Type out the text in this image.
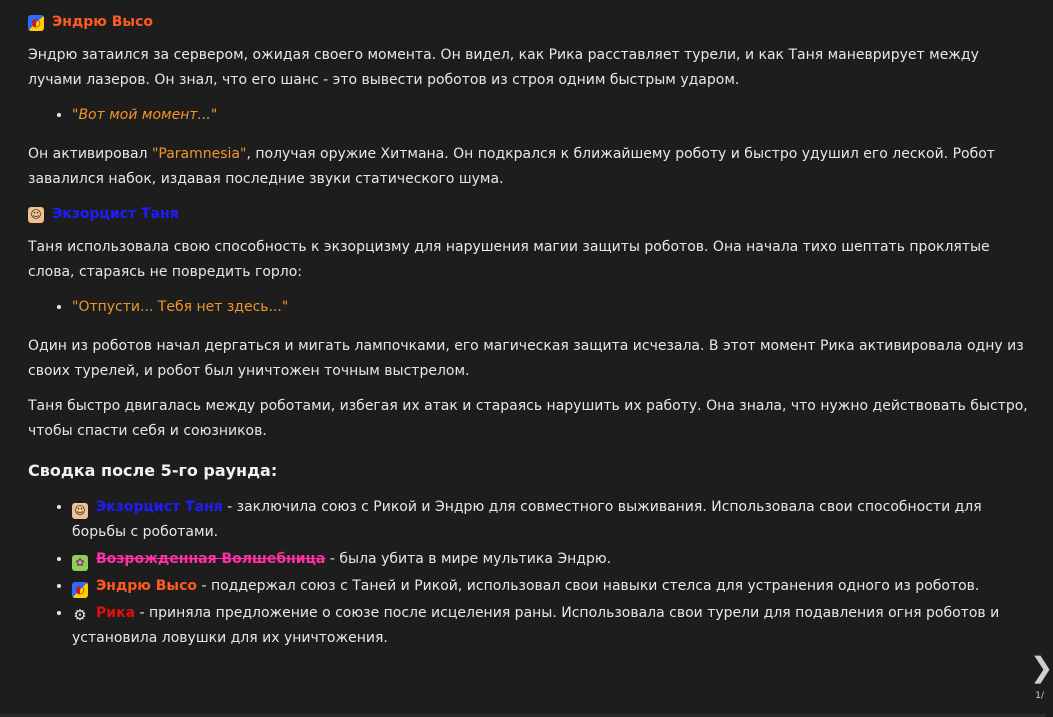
◐ Эндрю Высо

Эндрю затаился за сервером, ожидая своего момента. Он видел, как Рика расставляет турели, и как Таня маневрирует между лучами лазеров. Он знал, что его шанс - это вывести роботов из строя одним быстрым ударом.

• "Вот мой момент..."

Он активировал "Paramnesia", получая оружие Хитмана. Он подкрался к ближайшему роботу и быстро удушил его леской. Робот завалился набок, издавая последние звуки статического шума.

☺ Экзорцист Таня

Таня использовала свою способность к экзорцизму для нарушения магии защиты роботов. Она начала тихо шептать проклятые слова, стараясь не повредить горло:

• "Отпусти... Тебя нет здесь..."

Один из роботов начал дергаться и мигать лампочками, его магическая защита исчезала. В этот момент Рика активировала одну из своих турелей, и робот был уничтожен точным выстрелом.

Таня быстро двигалась между роботами, избегая их атак и стараясь нарушить их работу. Она знала, что нужно действовать быстро, чтобы спасти себя и союзников.

Сводка после 5-го раунда:
• ☺ Экзорцист Таня - заключила союз с Рикой и Эндрю для совместного выживания. Использовала свои способности для борьбы с роботами.
• ✿ Возрожденная Волшебница - была убита в мире мультика Эндрю.
• ◐ Эндрю Высо - поддержал союз с Таней и Рикой, использовал свои навыки стелса для устранения одного из роботов.
• ⚙ Рика - приняла предложение о союзе после исцеления раны. Использовала свои турели для подавления огня роботов и установила ловушки для их уничтожения.
❯
1/
